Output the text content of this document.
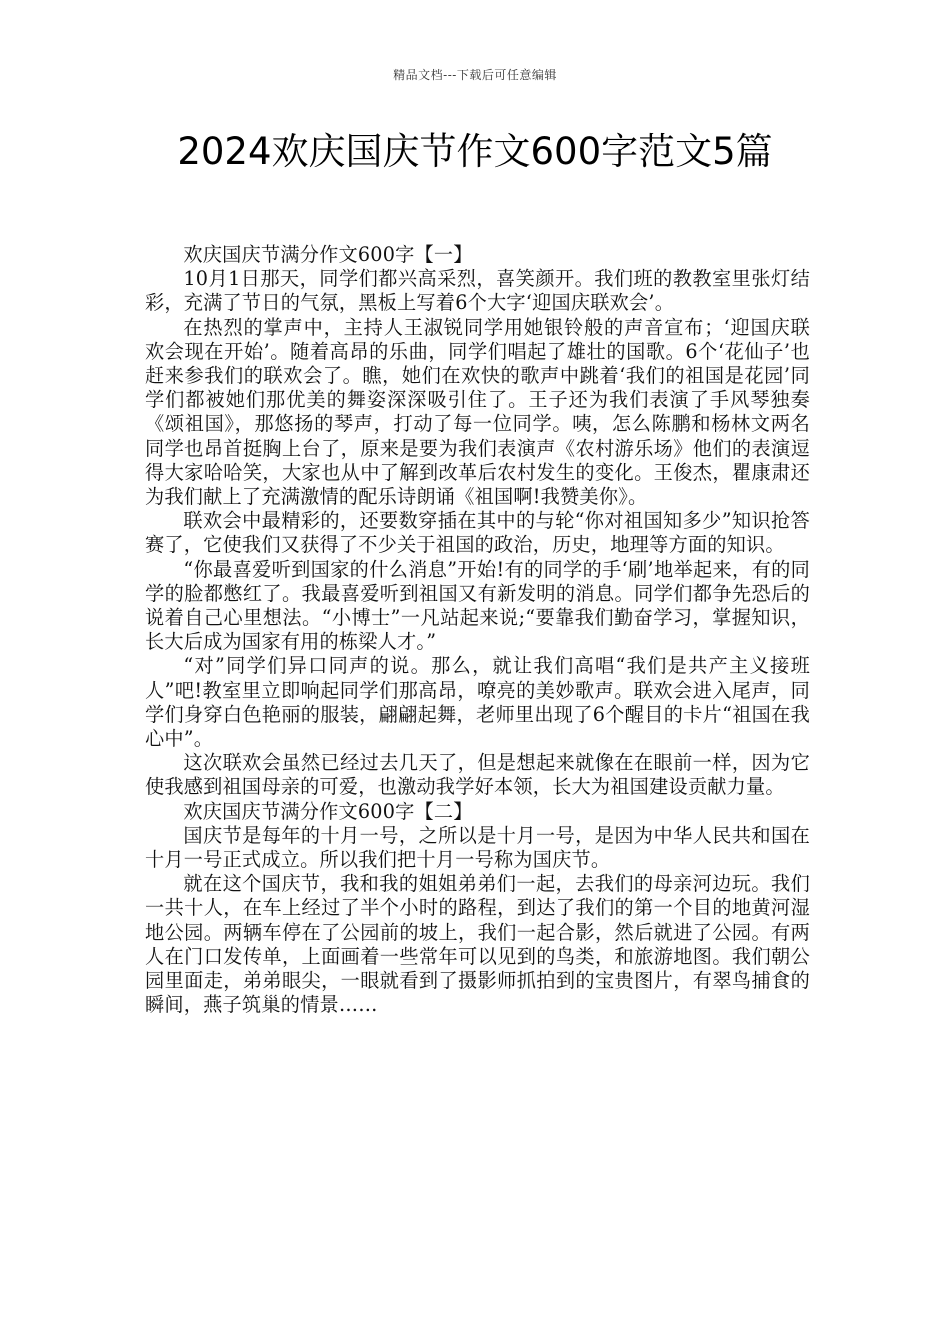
精品文档---下载后可任意编辑
2024欢庆国庆节作文600字范文5篇

欢庆国庆节满分作文600字【一】

10月1日那天，同学们都兴高采烈，喜笑颜开。我们班的教教室里张灯结彩，充满了节日的气氛，黑板上写着6个大字‘迎国庆联欢会’。

在热烈的掌声中，主持人王淑锐同学用她银铃般的声音宣布；‘迎国庆联欢会现在开始’。随着高昂的乐曲，同学们唱起了雄壮的国歌。6个‘花仙子’也赶来参我们的联欢会了。瞧，她们在欢快的歌声中跳着‘我们的祖国是花园’同学们都被她们那优美的舞姿深深吸引住了。王子还为我们表演了手风琴独奏《颂祖国》，那悠扬的琴声，打动了每一位同学。咦，怎么陈鹏和杨林文两名同学也昂首挺胸上台了，原来是要为我们表演声《农村游乐场》他们的表演逗得大家哈哈笑，大家也从中了解到改革后农村发生的变化。王俊杰，瞿康肃还为我们献上了充满激情的配乐诗朗诵《祖国啊!我赞美你》。

联欢会中最精彩的，还要数穿插在其中的与轮“你对祖国知多少”知识抢答赛了，它使我们又获得了不少关于祖国的政治，历史，地理等方面的知识。

“你最喜爱听到国家的什么消息”开始!有的同学的手‘刷’地举起来，有的同学的脸都憋红了。我最喜爱听到祖国又有新发明的消息。同学们都争先恐后的说着自己心里想法。“小博士”一凡站起来说;“要靠我们勤奋学习，掌握知识，长大后成为国家有用的栋梁人才。”

“对”同学们异口同声的说。那么，就让我们高唱“我们是共产主义接班人”吧!教室里立即响起同学们那高昂，嘹亮的美妙歌声。联欢会进入尾声，同学们身穿白色艳丽的服装，翩翩起舞，老师里出现了6个醒目的卡片“祖国在我心中”。

这次联欢会虽然已经过去几天了，但是想起来就像在在眼前一样，因为它使我感到祖国母亲的可爱，也激动我学好本领，长大为祖国建设贡献力量。

欢庆国庆节满分作文600字【二】

国庆节是每年的十月一号，之所以是十月一号，是因为中华人民共和国在十月一号正式成立。所以我们把十月一号称为国庆节。

就在这个国庆节，我和我的姐姐弟弟们一起，去我们的母亲河边玩。我们一共十人，在车上经过了半个小时的路程，到达了我们的第一个目的地黄河湿地公园。两辆车停在了公园前的坡上，我们一起合影，然后就进了公园。有两人在门口发传单，上面画着一些常年可以见到的鸟类，和旅游地图。我们朝公园里面走，弟弟眼尖，一眼就看到了摄影师抓拍到的宝贵图片，有翠鸟捕食的瞬间，燕子筑巢的情景……
